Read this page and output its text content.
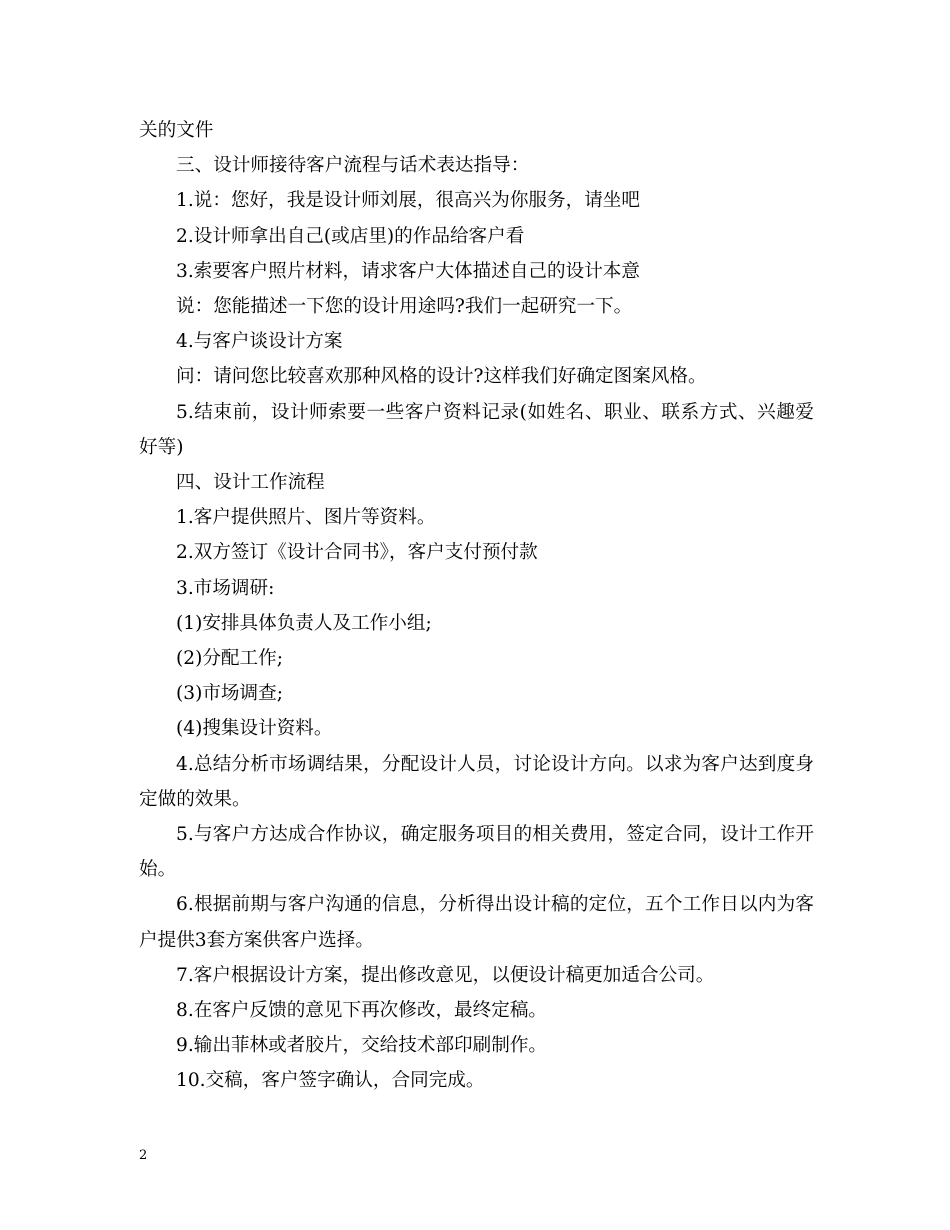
关的文件

三、设计师接待客户流程与话术表达指导：

1.说：您好，我是设计师刘展，很高兴为你服务，请坐吧

2.设计师拿出自己(或店里)的作品给客户看

3.索要客户照片材料，请求客户大体描述自己的设计本意

说：您能描述一下您的设计用途吗?我们一起研究一下。

4.与客户谈设计方案

问：请问您比较喜欢那种风格的设计?这样我们好确定图案风格。

5.结束前，设计师索要一些客户资料记录(如姓名、职业、联系方式、兴趣爱好等)

四、设计工作流程

1.客户提供照片、图片等资料。

2.双方签订《设计合同书》，客户支付预付款

3.市场调研:

(1)安排具体负责人及工作小组;

(2)分配工作;

(3)市场调查;

(4)搜集设计资料。

4.总结分析市场调结果，分配设计人员，讨论设计方向。以求为客户达到度身定做的效果。

5.与客户方达成合作协议，确定服务项目的相关费用，签定合同，设计工作开始。

6.根据前期与客户沟通的信息，分析得出设计稿的定位，五个工作日以内为客户提供3套方案供客户选择。

7.客户根据设计方案，提出修改意见，以便设计稿更加适合公司。

8.在客户反馈的意见下再次修改，最终定稿。

9.输出菲林或者胶片，交给技术部印刷制作。

10.交稿，客户签字确认，合同完成。

2
